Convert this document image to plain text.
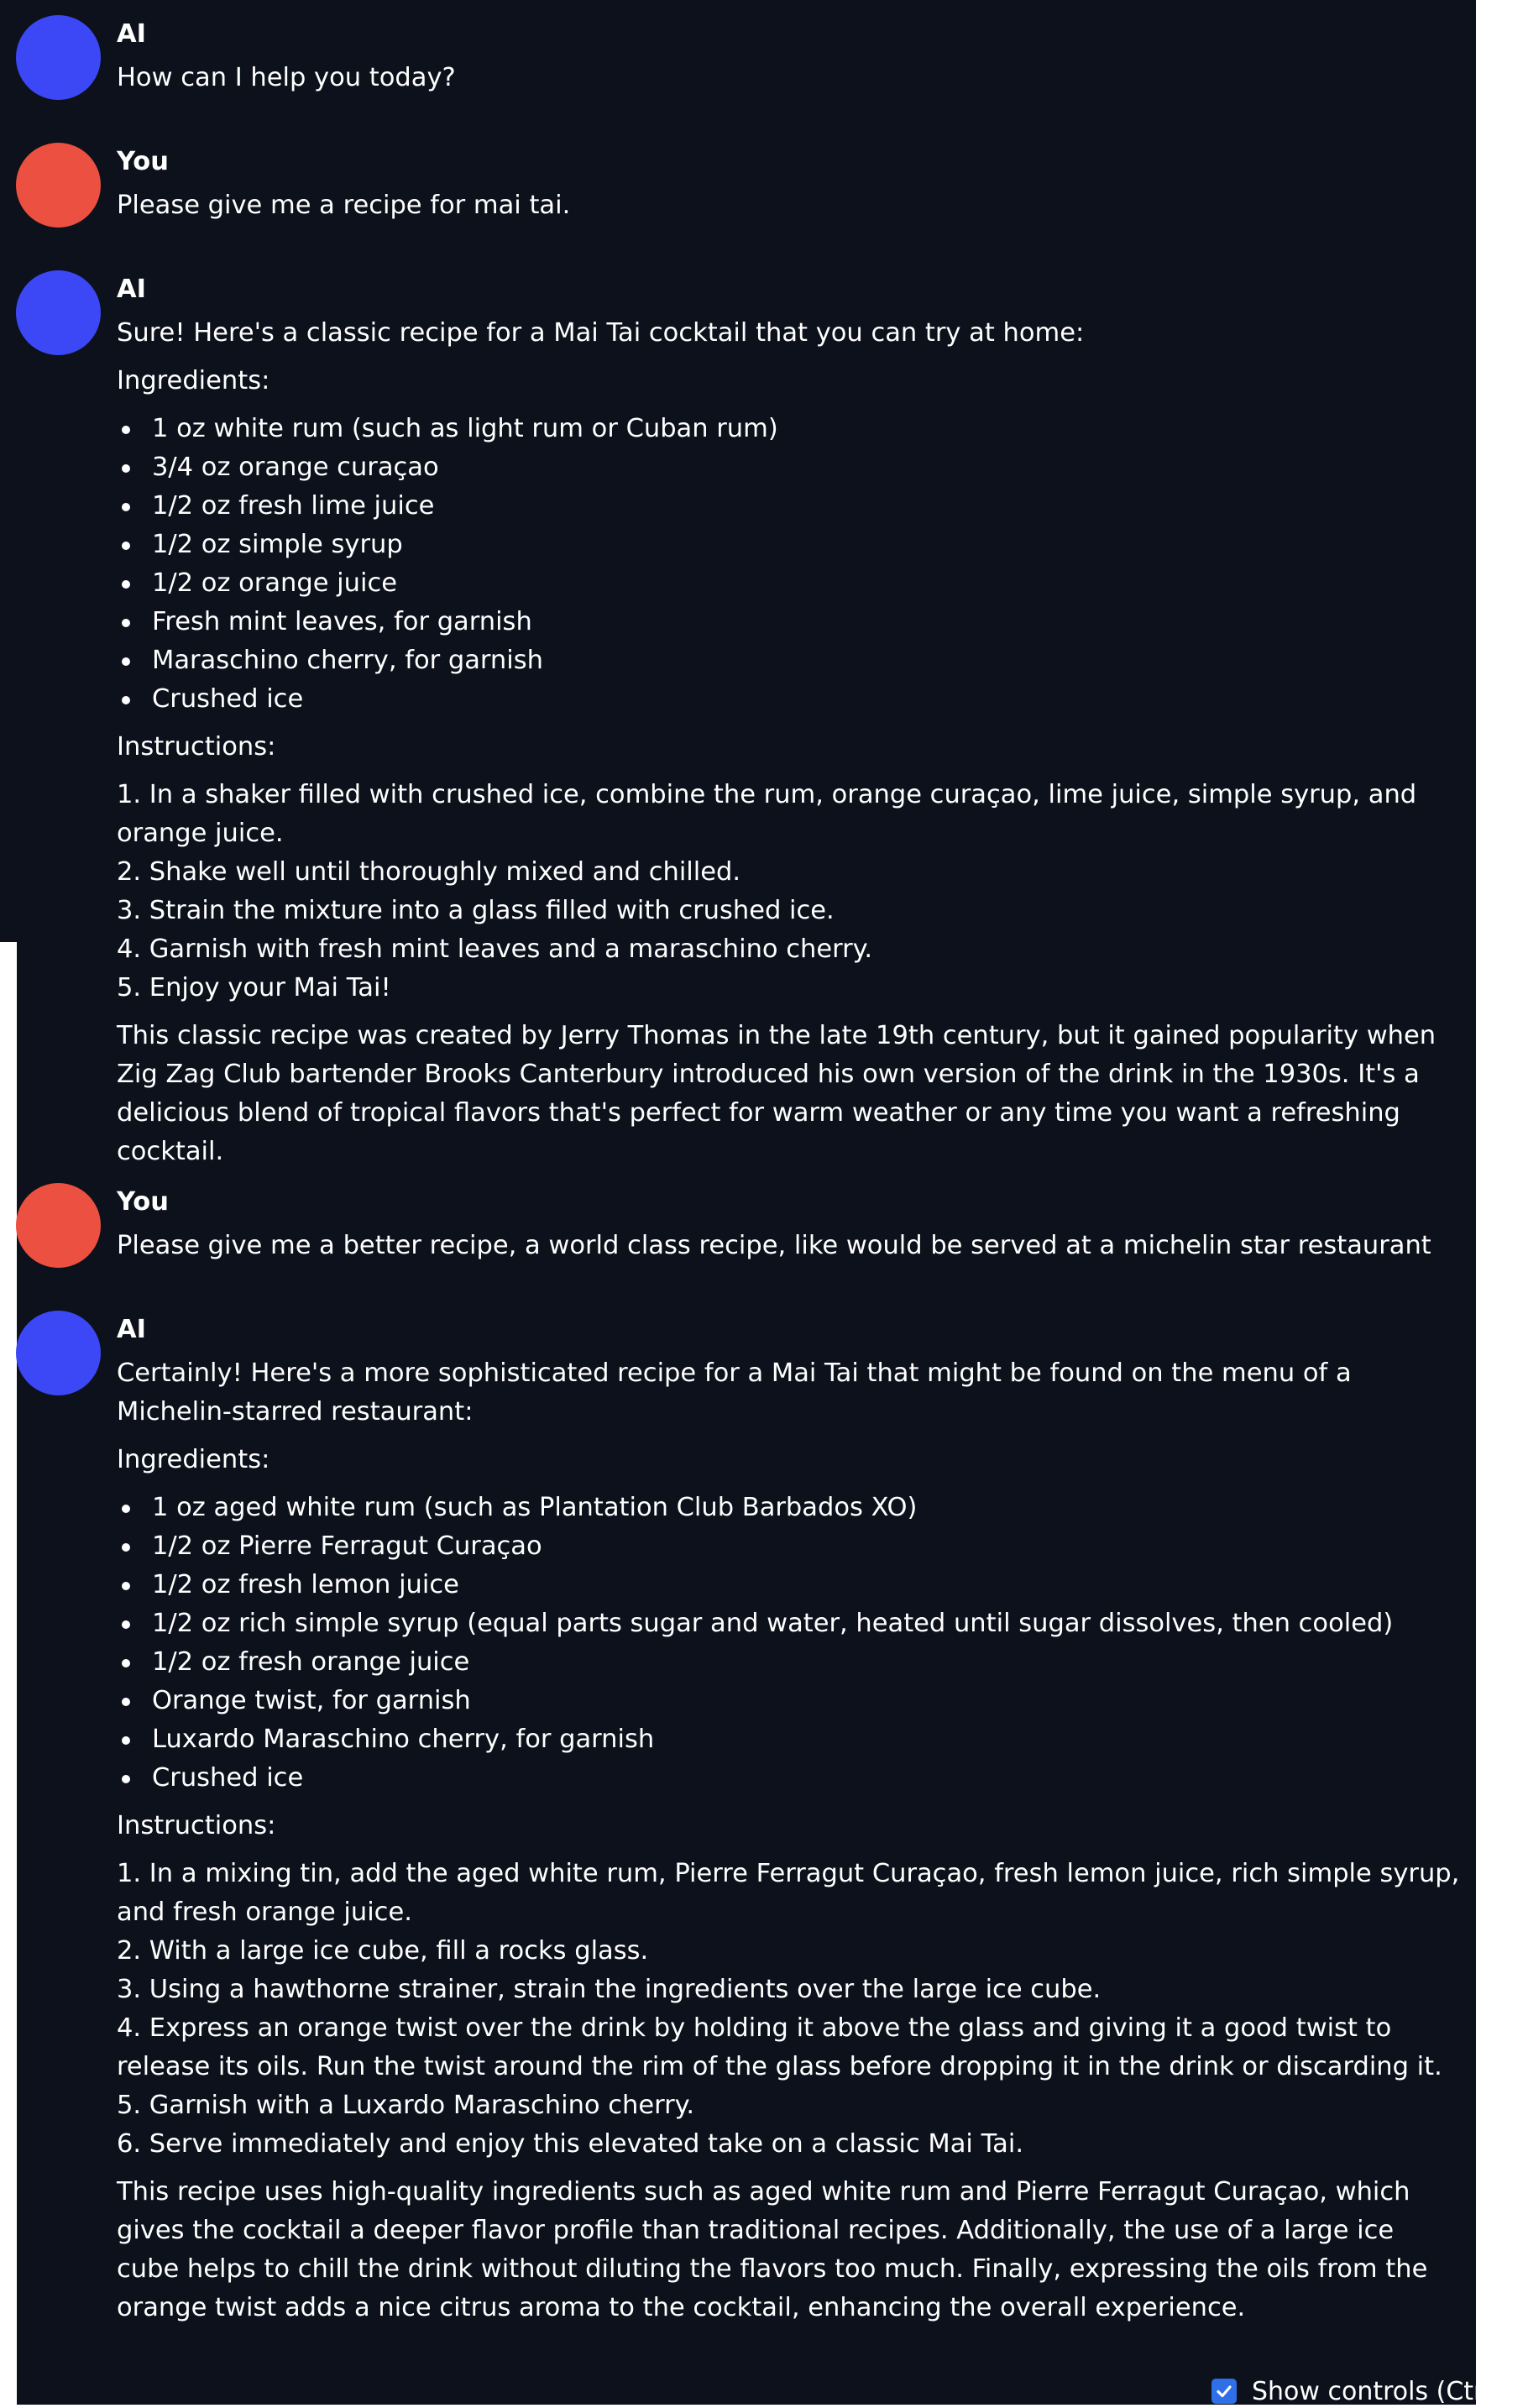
AI
How can I help you today?
You
Please give me a recipe for mai tai.
AI
Sure! Here's a classic recipe for a Mai Tai cocktail that you can try at home:
Ingredients:
1 oz white rum (such as light rum or Cuban rum)
3/4 oz orange curaçao
1/2 oz fresh lime juice
1/2 oz simple syrup
1/2 oz orange juice
Fresh mint leaves, for garnish
Maraschino cherry, for garnish
Crushed ice
Instructions:
1. In a shaker filled with crushed ice, combine the rum, orange curaçao, lime juice, simple syrup, and orange juice.
2. Shake well until thoroughly mixed and chilled.
3. Strain the mixture into a glass filled with crushed ice.
4. Garnish with fresh mint leaves and a maraschino cherry.
5. Enjoy your Mai Tai!
This classic recipe was created by Jerry Thomas in the late 19th century, but it gained popularity when Zig Zag Club bartender Brooks Canterbury introduced his own version of the drink in the 1930s. It's a delicious blend of tropical flavors that's perfect for warm weather or any time you want a refreshing cocktail.
You
Please give me a better recipe, a world class recipe, like would be served at a michelin star restaurant
AI
Certainly! Here's a more sophisticated recipe for a Mai Tai that might be found on the menu of a Michelin-starred restaurant:
Ingredients:
1 oz aged white rum (such as Plantation Club Barbados XO)
1/2 oz Pierre Ferragut Curaçao
1/2 oz fresh lemon juice
1/2 oz rich simple syrup (equal parts sugar and water, heated until sugar dissolves, then cooled)
1/2 oz fresh orange juice
Orange twist, for garnish
Luxardo Maraschino cherry, for garnish
Crushed ice
Instructions:
1. In a mixing tin, add the aged white rum, Pierre Ferragut Curaçao, fresh lemon juice, rich simple syrup, and fresh orange juice.
2. With a large ice cube, fill a rocks glass.
3. Using a hawthorne strainer, strain the ingredients over the large ice cube.
4. Express an orange twist over the drink by holding it above the glass and giving it a good twist to release its oils. Run the twist around the rim of the glass before dropping it in the drink or discarding it.
5. Garnish with a Luxardo Maraschino cherry.
6. Serve immediately and enjoy this elevated take on a classic Mai Tai.
This recipe uses high-quality ingredients such as aged white rum and Pierre Ferragut Curaçao, which gives the cocktail a deeper flavor profile than traditional recipes. Additionally, the use of a large ice cube helps to chill the drink without diluting the flavors too much. Finally, expressing the oils from the orange twist adds a nice citrus aroma to the cocktail, enhancing the overall experience.
Show controls (Ctrl+S
